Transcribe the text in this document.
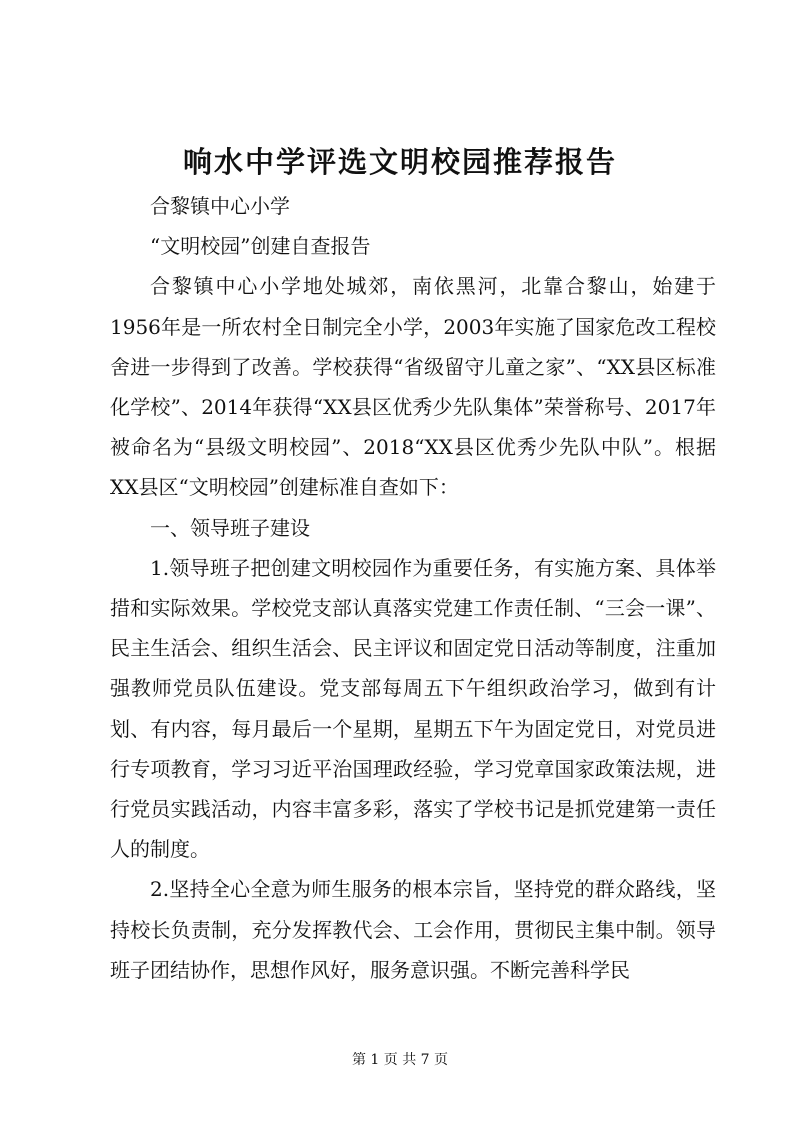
响水中学评选文明校园推荐报告

合黎镇中心小学

“文明校园”创建自查报告

合黎镇中心小学地处城郊，南依黑河，北靠合黎山，始建于1956年是一所农村全日制完全小学，2003年实施了国家危改工程校舍进一步得到了改善。学校获得“省级留守儿童之家”、“XX县区标准化学校”、2014年获得“XX县区优秀少先队集体”荣誉称号、2017年被命名为“县级文明校园”、2018“XX县区优秀少先队中队”。根据XX县区“文明校园”创建标准自查如下：

一、领导班子建设

1.领导班子把创建文明校园作为重要任务，有实施方案、具体举措和实际效果。学校党支部认真落实党建工作责任制、“三会一课”、民主生活会、组织生活会、民主评议和固定党日活动等制度，注重加强教师党员队伍建设。党支部每周五下午组织政治学习，做到有计划、有内容，每月最后一个星期，星期五下午为固定党日，对党员进行专项教育，学习习近平治国理政经验，学习党章国家政策法规，进行党员实践活动，内容丰富多彩，落实了学校书记是抓党建第一责任人的制度。

2.坚持全心全意为师生服务的根本宗旨，坚持党的群众路线，坚持校长负责制，充分发挥教代会、工会作用，贯彻民主集中制。领导班子团结协作，思想作风好，服务意识强。不断完善科学民

第 1 页 共 7 页
